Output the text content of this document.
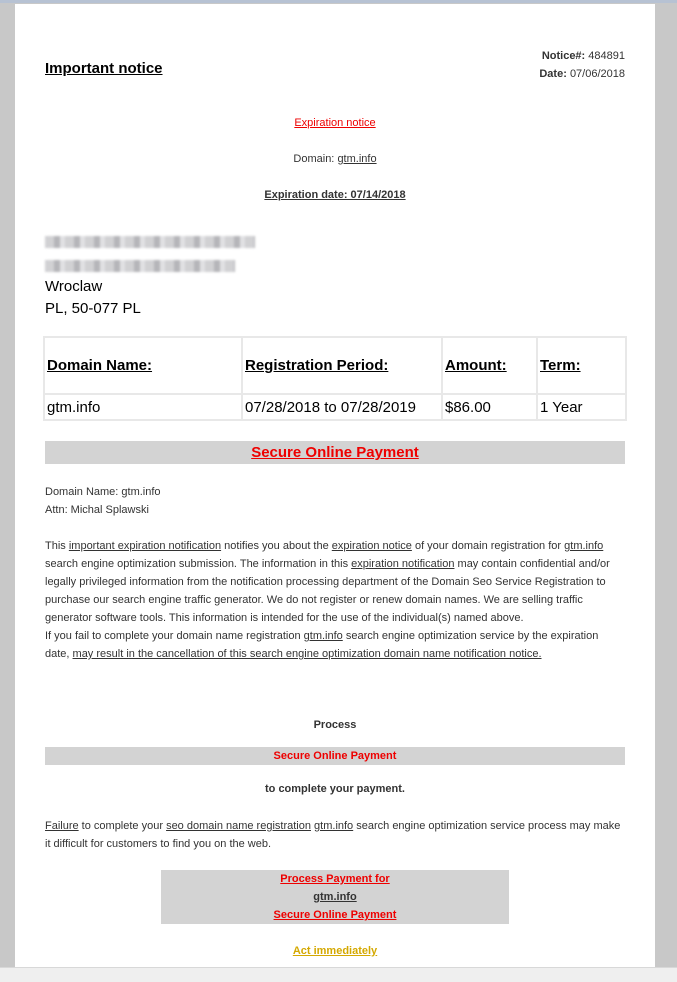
Important notice
Notice#: 484891
Date: 07/06/2018
Expiration notice
Domain: gtm.info
Expiration date: 07/14/2018
Wroclaw
PL, 50-077 PL
Domain Name:	Registration Period:	Amount:	Term:
gtm.info	07/28/2018 to 07/28/2019	$86.00	1 Year
Secure Online Payment
Domain Name: gtm.info
Attn: Michal Splawski
This important expiration notification notifies you about the expiration notice of your domain registration for gtm.info search engine optimization submission. The information in this expiration notification may contain confidential and/or legally privileged information from the notification processing department of the Domain Seo Service Registration to purchase our search engine traffic generator. We do not register or renew domain names. We are selling traffic generator software tools. This information is intended for the use of the individual(s) named above.
If you fail to complete your domain name registration gtm.info search engine optimization service by the expiration date, may result in the cancellation of this search engine optimization domain name notification notice.
Process
Secure Online Payment
to complete your payment.
Failure to complete your seo domain name registration gtm.info search engine optimization service process may make it difficult for customers to find you on the web.
Process Payment for
gtm.info
Secure Online Payment
Act immediately
